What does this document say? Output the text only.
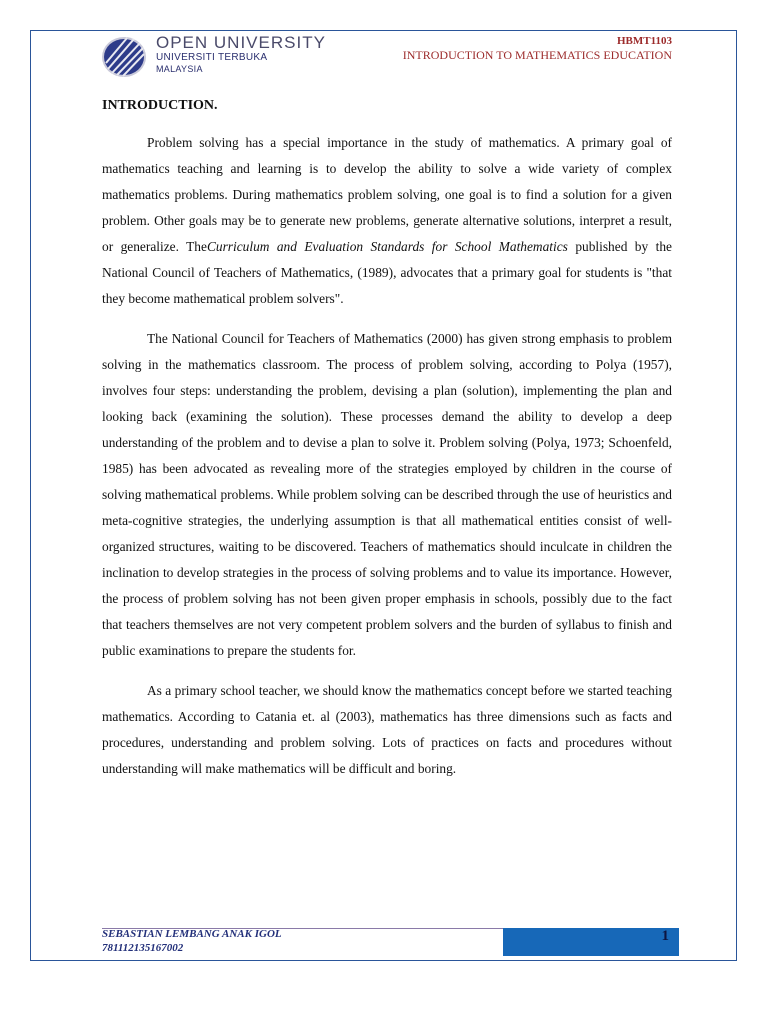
OPEN UNIVERSITY
UNIVERSITI TERBUKA
MALAYSIA
HBMT1103
INTRODUCTION TO MATHEMATICS EDUCATION
INTRODUCTION.

Problem solving has a special importance in the study of mathematics. A primary goal of mathematics teaching and learning is to develop the ability to solve a wide variety of complex mathematics problems. During mathematics problem solving, one goal is to find a solution for a given problem. Other goals may be to generate new problems, generate alternative solutions, interpret a result, or generalize. TheCurriculum and Evaluation Standards for School Mathematics published by the National Council of Teachers of Mathematics, (1989), advocates that a primary goal for students is "that they become mathematical problem solvers".

The National Council for Teachers of Mathematics (2000) has given strong emphasis to problem solving in the mathematics classroom. The process of problem solving, according to Polya (1957), involves four steps: understanding the problem, devising a plan (solution), implementing the plan and looking back (examining the solution). These processes demand the ability to develop a deep understanding of the problem and to devise a plan to solve it. Problem solving (Polya, 1973; Schoenfeld, 1985) has been advocated as revealing more of the strategies employed by children in the course of solving mathematical problems. While problem solving can be described through the use of heuristics and meta-cognitive strategies, the underlying assumption is that all mathematical entities consist of well-organized structures, waiting to be discovered. Teachers of mathematics should inculcate in children the inclination to develop strategies in the process of solving problems and to value its importance. However, the process of problem solving has not been given proper emphasis in schools, possibly due to the fact that teachers themselves are not very competent problem solvers and the burden of syllabus to finish and public examinations to prepare the students for.

As a primary school teacher, we should know the mathematics concept before we started teaching mathematics. According to Catania et. al (2003), mathematics has three dimensions such as facts and procedures, understanding and problem solving. Lots of practices on facts and procedures without understanding will make mathematics will be difficult and boring.

SEBASTIAN LEMBANG ANAK IGOL
781112135167002
1
